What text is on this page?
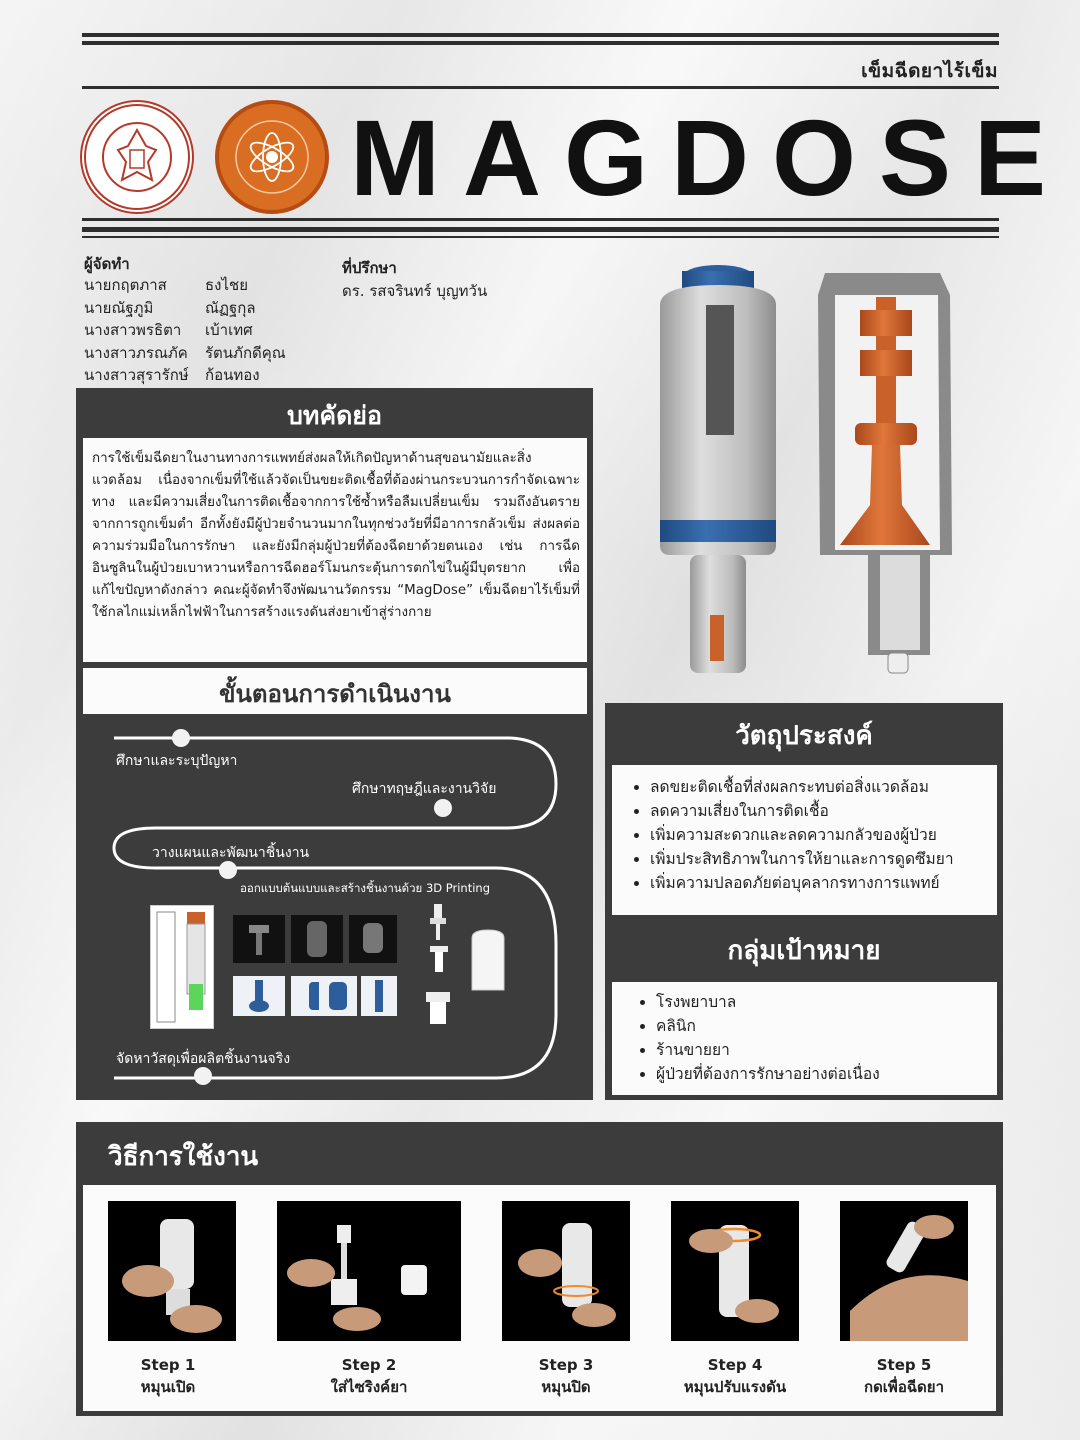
เข็มฉีดยาไร้เข็ม
MAGDOSE
ผู้จัดทำ
นายกฤตภาส	ธงไชย
นายณัฐภูมิ	ณัฏฐกุล
นางสาวพรธิตา	เบ้าเทศ
นางสาวภรณภัค	รัตนภักดีคุณ
นางสาวสุรารักษ์	ก้อนทอง
ที่ปรึกษา
ดร. รสจรินทร์ บุญทวัน
บทคัดย่อ
การใช้เข็มฉีดยาในงานทางการแพทย์ส่งผลให้เกิดปัญหาด้านสุขอนามัยและสิ่งแวดล้อม เนื่องจากเข็มที่ใช้แล้วจัดเป็นขยะติดเชื้อที่ต้องผ่านกระบวนการกำจัดเฉพาะทาง และมีความเสี่ยงในการติดเชื้อจากการใช้ซ้ำหรือลืมเปลี่ยนเข็ม รวมถึงอันตรายจากการถูกเข็มตำ อีกทั้งยังมีผู้ป่วยจำนวนมากในทุกช่วงวัยที่มีอาการกลัวเข็ม ส่งผลต่อความร่วมมือในการรักษา และยังมีกลุ่มผู้ป่วยที่ต้องฉีดยาด้วยตนเอง เช่น การฉีดอินซูลินในผู้ป่วยเบาหวานหรือการฉีดฮอร์โมนกระตุ้นการตกไข่ในผู้มีบุตรยาก เพื่อแก้ไขปัญหาดังกล่าว คณะผู้จัดทำจึงพัฒนานวัตกรรม “MagDose” เข็มฉีดยาไร้เข็มที่ใช้กลไกแม่เหล็กไฟฟ้าในการสร้างแรงดันส่งยาเข้าสู่ร่างกาย
ขั้นตอนการดำเนินงาน
ศึกษาและระบุปัญหา
ศึกษาทฤษฎีและงานวิจัย
วางแผนและพัฒนาชิ้นงาน
ออกแบบต้นแบบและสร้างชิ้นงานด้วย 3D Printing
จัดหาวัสดุเพื่อผลิตชิ้นงานจริง
วัตถุประสงค์
• ลดขยะติดเชื้อที่ส่งผลกระทบต่อสิ่งแวดล้อม
• ลดความเสี่ยงในการติดเชื้อ
• เพิ่มความสะดวกและลดความกลัวของผู้ป่วย
• เพิ่มประสิทธิภาพในการให้ยาและการดูดซึมยา
• เพิ่มความปลอดภัยต่อบุคลากรทางการแพทย์
กลุ่มเป้าหมาย
• โรงพยาบาล
• คลินิก
• ร้านขายยา
• ผู้ป่วยที่ต้องการรักษาอย่างต่อเนื่อง
วิธีการใช้งาน
Step 1
หมุนเปิด
Step 2
ใส่ไซริงค์ยา
Step 3
หมุนปิด
Step 4
หมุนปรับแรงดัน
Step 5
กดเพื่อฉีดยา
